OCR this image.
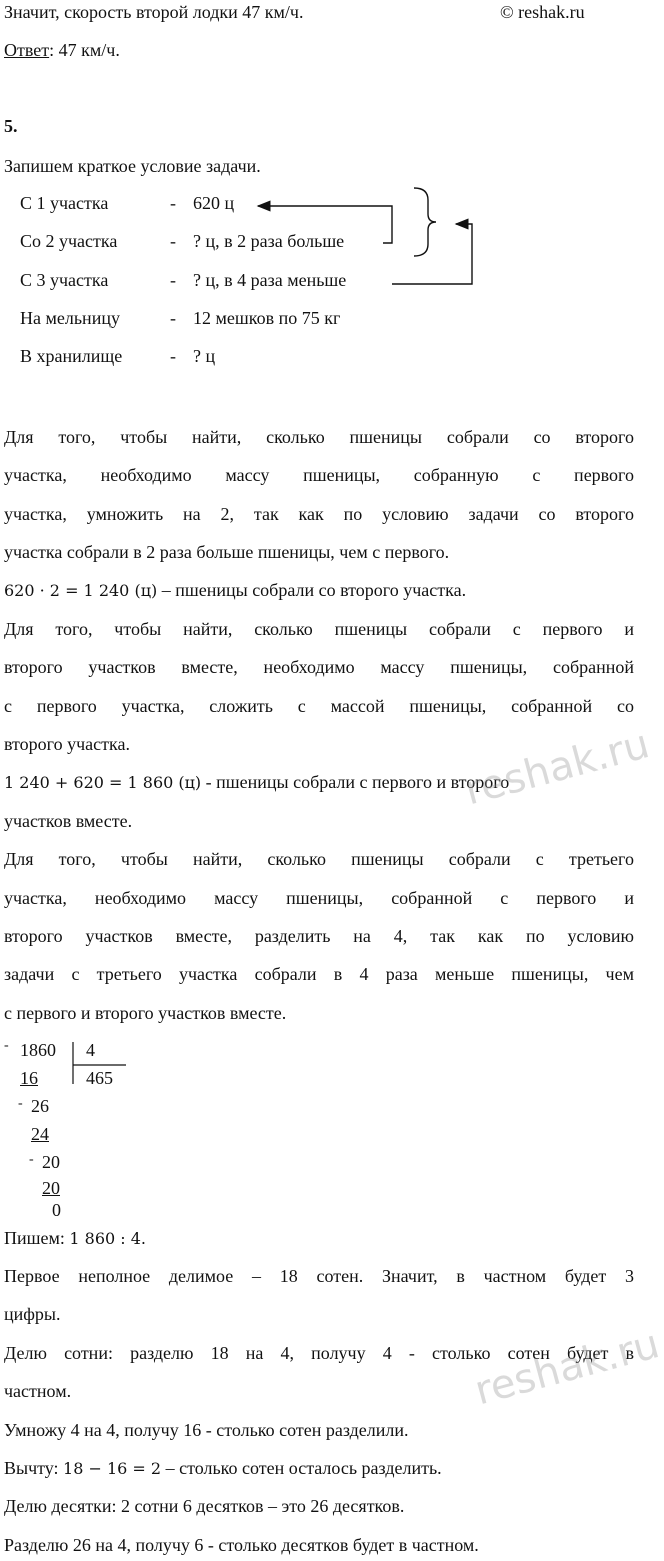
Значит, скорость второй лодки 47 км/ч.	© reshak.ru
Ответ: 47 км/ч.
5.
Запишем краткое условие задачи.
С 1 участка	- 620 ц
Со 2 участка	- ? ц, в 2 раза больше
С 3 участка	- ? ц, в 4 раза меньше
На мельницу	- 12 мешков по 75 кг
В хранилище	- ? ц
Для того, чтобы найти, сколько пшеницы собрали со второго
участка, необходимо массу пшеницы, собранную с первого
участка, умножить на 2, так как по условию задачи со второго
участка собрали в 2 раза больше пшеницы, чем с первого.
620 · 2 = 1 240 (ц) – пшеницы собрали со второго участка.
Для того, чтобы найти, сколько пшеницы собрали с первого и
второго участков вместе, необходимо массу пшеницы, собранной
с первого участка, сложить с массой пшеницы, собранной со
второго участка.
1 240 + 620 = 1 860 (ц) - пшеницы собрали с первого и второго
участков вместе.
Для того, чтобы найти, сколько пшеницы собрали с третьего
участка, необходимо массу пшеницы, собранной с первого и
второго участков вместе, разделить на 4, так как по условию
задачи с третьего участка собрали в 4 раза меньше пшеницы, чем
с первого и второго участков вместе.
- 1860 4
465
16
- 26
24
- 20
20
0
Пишем: 1 860 : 4.
Первое неполное делимое – 18 сотен. Значит, в частном будет 3
цифры.
Делю сотни: разделю 18 на 4, получу 4 - столько сотен будет в
частном.
Умножу 4 на 4, получу 16 - столько сотен разделили.
Вычту: 18 − 16 = 2 – столько сотен осталось разделить.
Делю десятки: 2 сотни 6 десятков – это 26 десятков.
Разделю 26 на 4, получу 6 - столько десятков будет в частном.
reshak.ru
reshak.ru
